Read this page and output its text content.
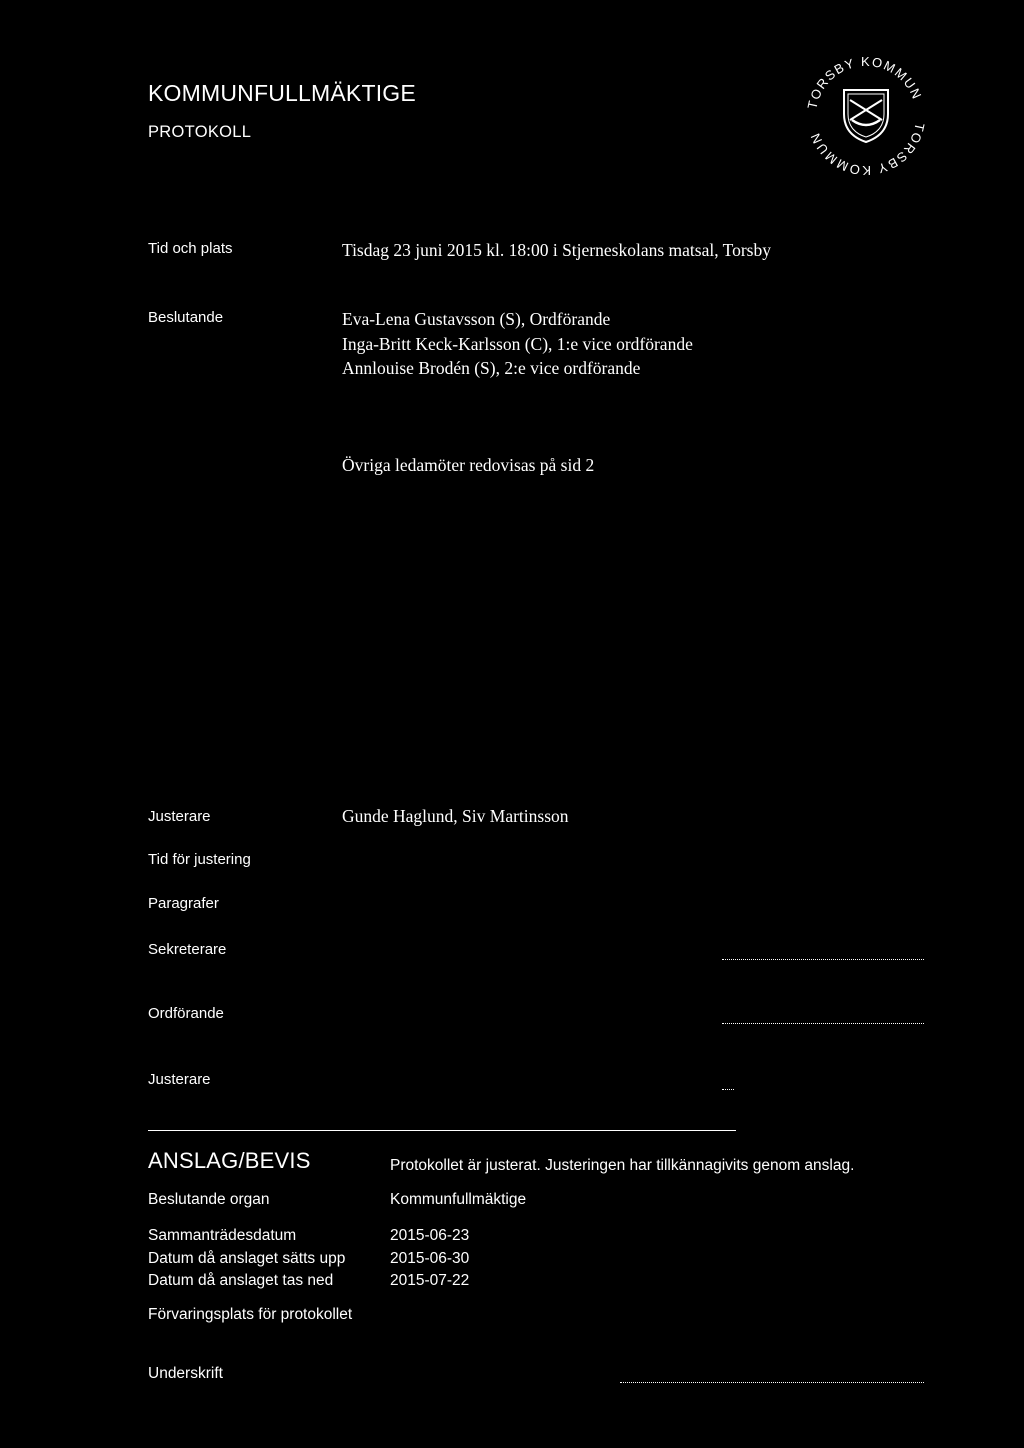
KOMMUNFULLMÄKTIGE
PROTOKOLL	TORSBY KOMMUN
TORSBY KOMMUN
Tid och plats	Tisdag 23 juni 2015 kl. 18:00 i Stjerneskolans matsal, Torsby
Beslutande	Eva-Lena Gustavsson (S), Ordförande
Inga-Britt Keck-Karlsson (C), 1:e vice ordförande
Annlouise Brodén (S), 2:e vice ordförande
Övriga ledamöter redovisas på sid 2
Justerare	Gunde Haglund, Siv Martinsson
Tid för justering
Paragrafer
Sekreterare
Ordförande
Justerare
ANSLAG/BEVIS	Protokollet är justerat. Justeringen har tillkännagivits genom anslag.
Beslutande organ	Kommunfullmäktige
Sammanträdesdatum	2015-06-23
Datum då anslaget sätts upp	2015-06-30
Datum då anslaget tas ned	2015-07-22
Förvaringsplats för protokollet
Underskrift
